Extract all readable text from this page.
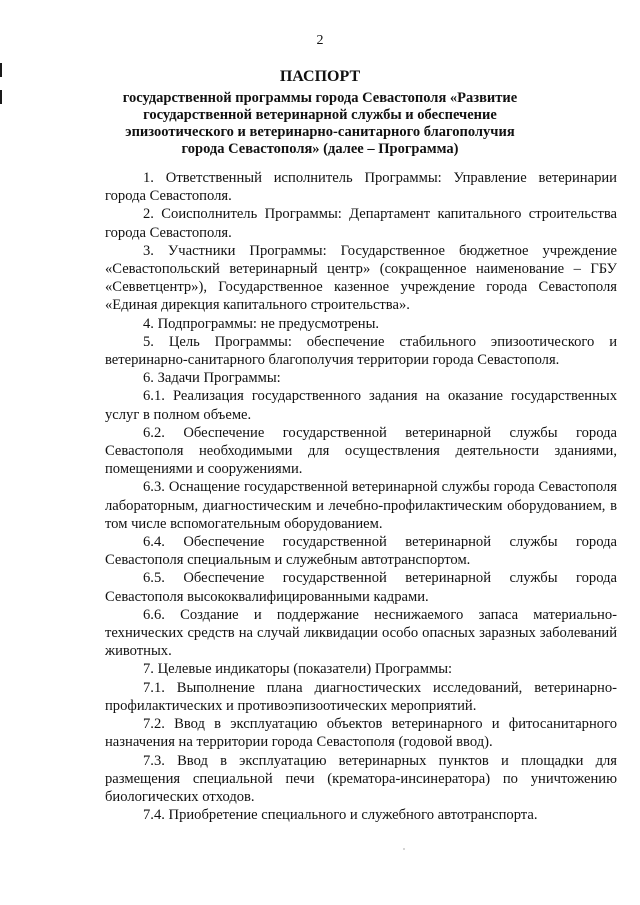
2
ПАСПОРТ
государственной программы города Севастополя «Развитие государственной ветеринарной службы и обеспечение эпизоотического и ветеринарно-санитарного благополучия города Севастополя» (далее – Программа)

1. Ответственный исполнитель Программы: Управление ветеринарии города Севастополя.

2. Соисполнитель Программы: Департамент капитального строительства города Севастополя.

3. Участники Программы: Государственное бюджетное учреждение «Севастопольский ветеринарный центр» (сокращенное наименование – ГБУ «Севветцентр»), Государственное казенное учреждение города Севастополя «Единая дирекция капитального строительства».

4. Подпрограммы: не предусмотрены.

5. Цель Программы: обеспечение стабильного эпизоотического и ветеринарно-санитарного благополучия территории города Севастополя.

6. Задачи Программы:

6.1. Реализация государственного задания на оказание государственных услуг в полном объеме.

6.2. Обеспечение государственной ветеринарной службы города Севастополя необходимыми для осуществления деятельности зданиями, помещениями и сооружениями.

6.3. Оснащение государственной ветеринарной службы города Севастополя лабораторным, диагностическим и лечебно-профилактическим оборудованием, в том числе вспомогательным оборудованием.

6.4. Обеспечение государственной ветеринарной службы города Севастополя специальным и служебным автотранспортом.

6.5. Обеспечение государственной ветеринарной службы города Севастополя высококвалифицированными кадрами.

6.6. Создание и поддержание неснижаемого запаса материально-технических средств на случай ликвидации особо опасных заразных заболеваний животных.

7. Целевые индикаторы (показатели) Программы:

7.1. Выполнение плана диагностических исследований, ветеринарно-профилактических и противоэпизоотических мероприятий.

7.2. Ввод в эксплуатацию объектов ветеринарного и фитосанитарного назначения на территории города Севастополя (годовой ввод).

7.3. Ввод в эксплуатацию ветеринарных пунктов и площадки для размещения специальной печи (крематора-инсинератора) по уничтожению биологических отходов.

7.4. Приобретение специального и служебного автотранспорта.
